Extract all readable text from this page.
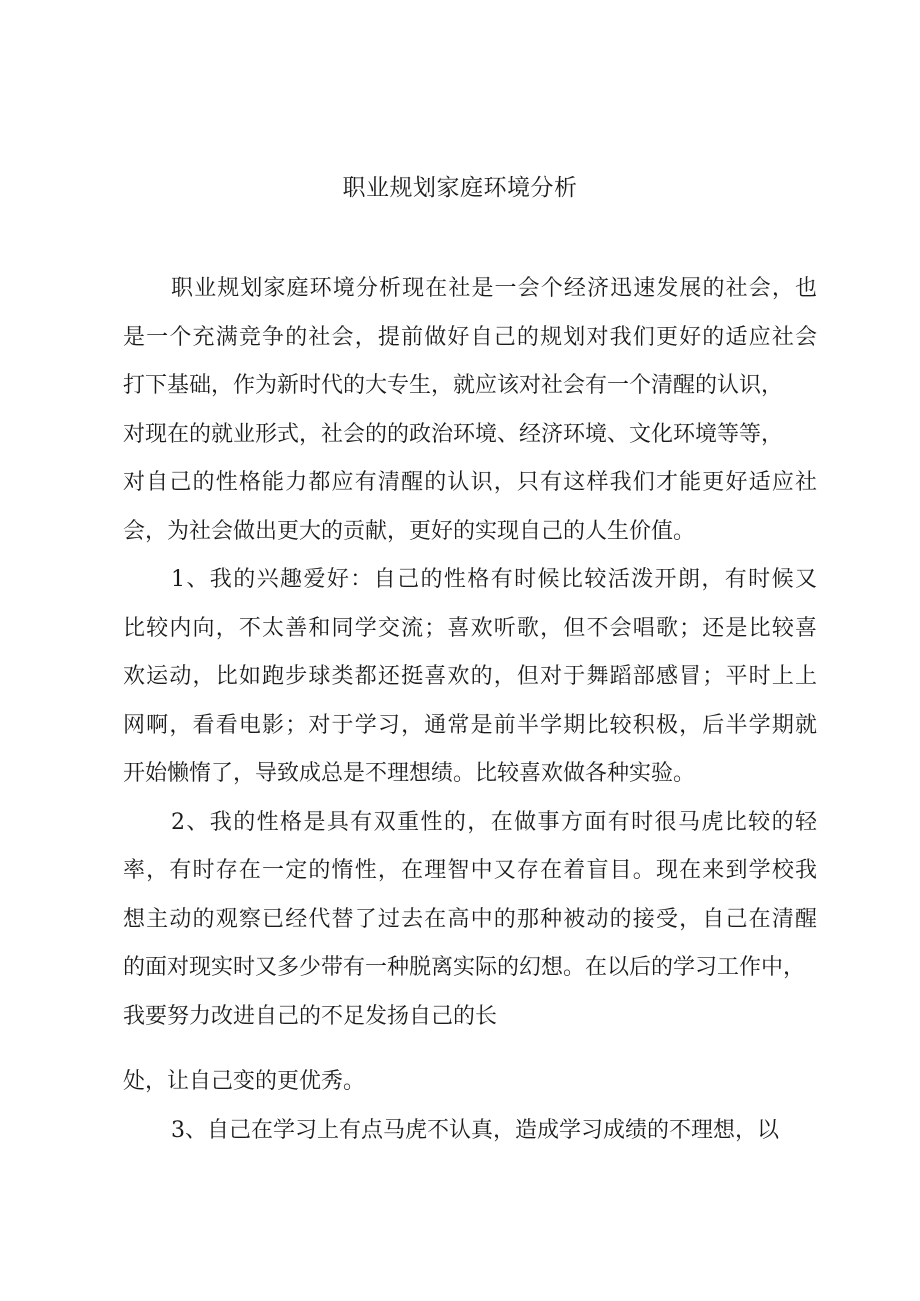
职业规划家庭环境分析
职业规划家庭环境分析现在社是一会个经济迅速发展的社会，也
是一个充满竞争的社会，提前做好自己的规划对我们更好的适应社会
打下基础，作为新时代的大专生，就应该对社会有一个清醒的认识，
对现在的就业形式，社会的的政治环境、经济环境、文化环境等等，
对自己的性格能力都应有清醒的认识，只有这样我们才能更好适应社
会，为社会做出更大的贡献，更好的实现自己的人生价值。
1、我的兴趣爱好：自己的性格有时候比较活泼开朗，有时候又
比较内向，不太善和同学交流；喜欢听歌，但不会唱歌；还是比较喜
欢运动，比如跑步球类都还挺喜欢的，但对于舞蹈部感冒；平时上上
网啊，看看电影；对于学习，通常是前半学期比较积极，后半学期就
开始懒惰了，导致成总是不理想绩。比较喜欢做各种实验。
2、我的性格是具有双重性的，在做事方面有时很马虎比较的轻
率，有时存在一定的惰性，在理智中又存在着盲目。现在来到学校我
想主动的观察已经代替了过去在高中的那种被动的接受，自己在清醒
的面对现实时又多少带有一种脱离实际的幻想。在以后的学习工作中，
我要努力改进自己的不足发扬自己的长
处，让自己变的更优秀。
3、自己在学习上有点马虎不认真，造成学习成绩的不理想，以
